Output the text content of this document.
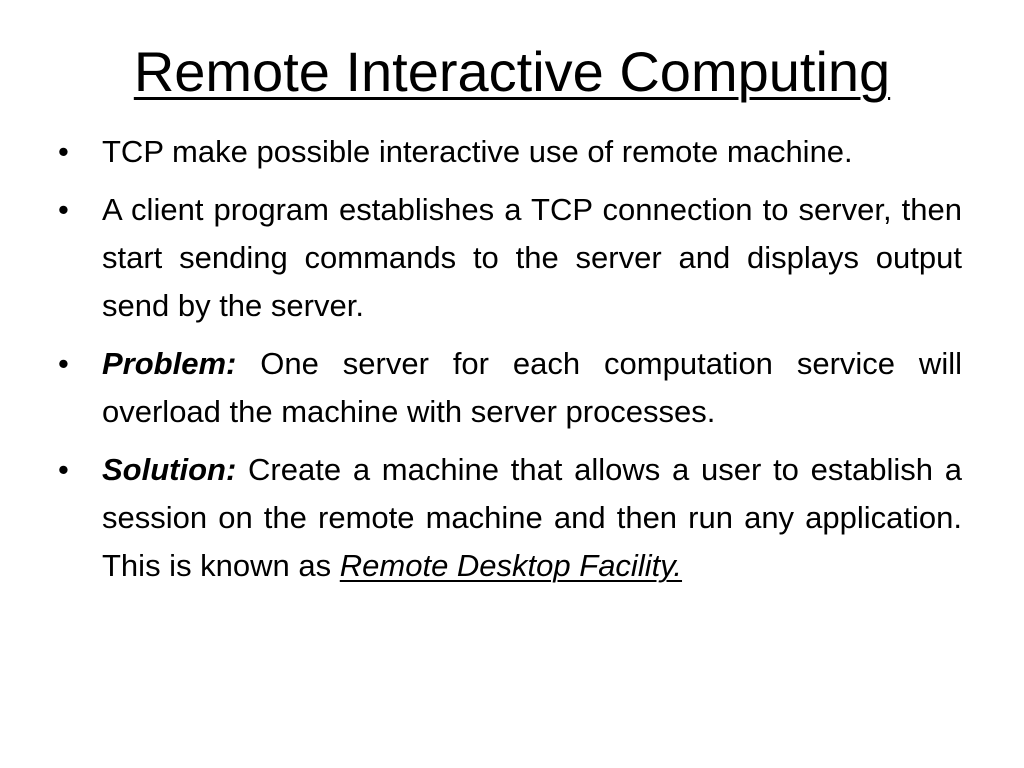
Remote Interactive Computing
•	TCP make possible interactive use of remote machine.
•	A client program establishes a TCP connection to server, then start sending commands to the server and displays output send by the server.
•	Problem: One server for each computation service will overload the machine with server processes.
•	Solution: Create a machine that allows a user to establish a session on the remote machine and then run any application. This is known as Remote Desktop Facility.
